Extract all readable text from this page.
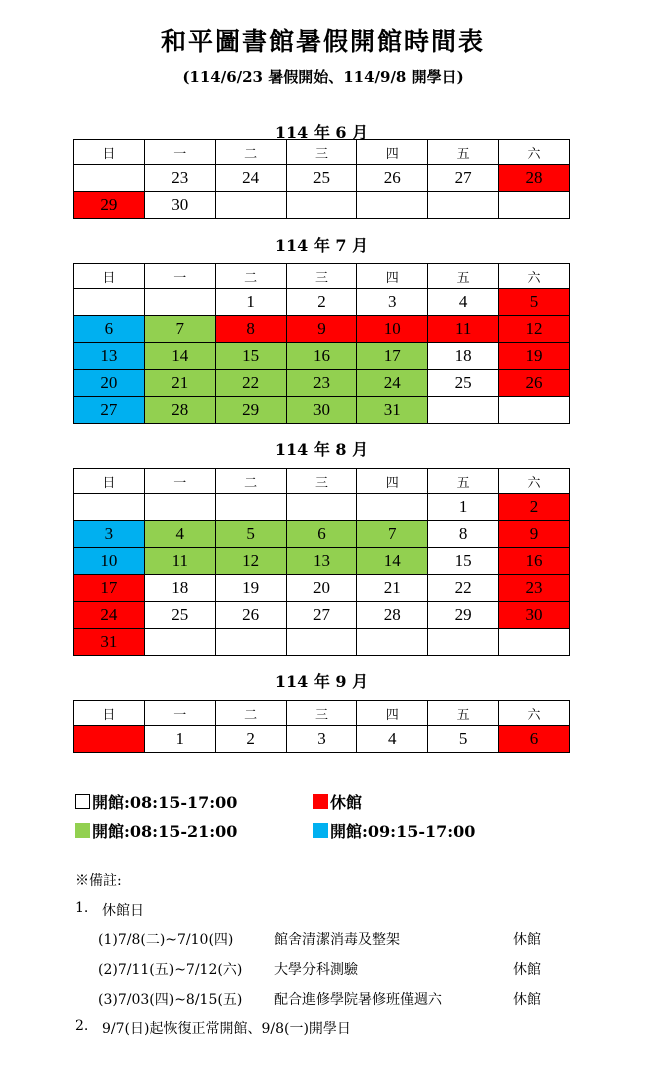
和平圖書館暑假開館時間表
(114/6/23 暑假開始、114/9/8 開學日)
114 年 6 月
日	一	二	三	四	五	六
	23	24	25	26	27	28
29	30					
114 年 7 月
日	一	二	三	四	五	六
		1	2	3	4	5
6	7	8	9	10	11	12
13	14	15	16	17	18	19
20	21	22	23	24	25	26
27	28	29	30	31		
114 年 8 月
日	一	二	三	四	五	六
					1	2
3	4	5	6	7	8	9
10	11	12	13	14	15	16
17	18	19	20	21	22	23
24	25	26	27	28	29	30
31						
114 年 9 月
日	一	二	三	四	五	六
	1	2	3	4	5	6
開館:08:15-17:00	休館
開館:08:15-21:00	開館:09:15-17:00
※備註:
1. 休館日
(1)7/8(二)~7/10(四)	館舍清潔消毒及整架	休館
(2)7/11(五)~7/12(六) 大學分科測驗	休館
(3)7/03(四)~8/15(五) 配合進修學院暑修班僅週六	休館
2. 9/7(日)起恢復正常開館、9/8(一)開學日
